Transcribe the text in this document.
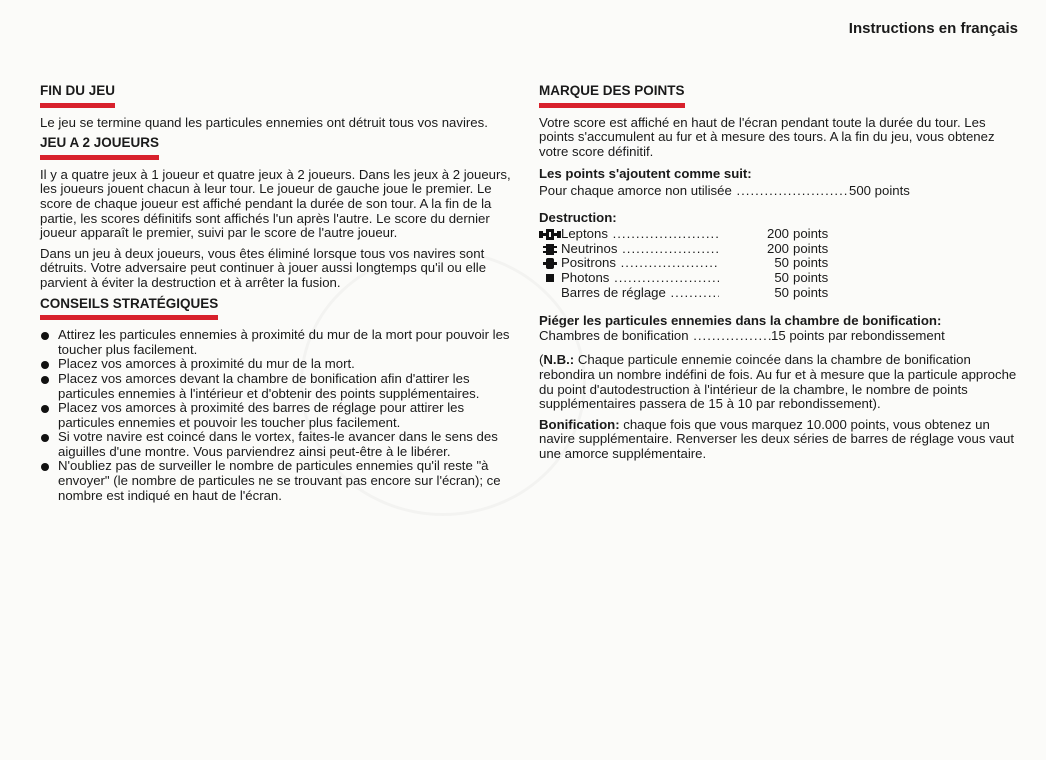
Instructions en français
FIN DU JEU

Le jeu se termine quand les particules ennemies ont détruit tous vos navires.

JEU A 2 JOUEURS

Il y a quatre jeux à 1 joueur et quatre jeux à 2 joueurs. Dans les jeux à 2 joueurs, les joueurs jouent chacun à leur tour. Le joueur de gauche joue le premier. Le score de chaque joueur est affiché pendant la durée de son tour. A la fin de la partie, les scores définitifs sont affichés l'un après l'autre. Le score du dernier joueur apparaît le premier, suivi par le score de l'autre joueur.

Dans un jeu à deux joueurs, vous êtes éliminé lorsque tous vos navires sont détruits. Votre adversaire peut continuer à jouer aussi longtemps qu'il ou elle parvient à éviter la destruction et à arrêter la fusion.

CONSEILS STRATÉGIQUES
Attirez les particules ennemies à proximité du mur de la mort pour pouvoir les toucher plus facilement.
Placez vos amorces à proximité du mur de la mort.
Placez vos amorces devant la chambre de bonification afin d'attirer les particules ennemies à l'intérieur et d'obtenir des points supplémentaires.
Placez vos amorces à proximité des barres de réglage pour attirer les particules ennemies et pouvoir les toucher plus facilement.
Si votre navire est coincé dans le vortex, faites-le avancer dans le sens des aiguilles d'une montre. Vous parviendrez ainsi peut-être à le libérer.
N'oubliez pas de surveiller le nombre de particules ennemies qu'il reste "à envoyer" (le nombre de particules ne se trouvant pas encore sur l'écran); ce nombre est indiqué en haut de l'écran.
MARQUE DES POINTS

Votre score est affiché en haut de l'écran pendant toute la durée du tour. Les points s'accumulent au fur et à mesure des tours. A la fin du jeu, vous obtenez votre score définitif.

Les points s'ajoutent comme suit:
Pour chaque amorce non utilisée .....	500 points
Destruction:
Leptons .....	200 points
Neutrinos .....	200 points
Positrons .....	50 points
Photons .....	50 points
Barres de réglage .....	50 points
Piéger les particules ennemies dans la chambre de bonification:
Chambres de bonification .....	15 points par rebondissement

(N.B.: Chaque particule ennemie coincée dans la chambre de bonification rebondira un nombre indéfini de fois. Au fur et à mesure que la particule approche du point d'autodestruction à l'intérieur de la chambre, le nombre de points supplémentaires passera de 15 à 10 par rebondissement).

Bonification: chaque fois que vous marquez 10.000 points, vous obtenez un navire supplémentaire. Renverser les deux séries de barres de réglage vous vaut une amorce supplémentaire.
